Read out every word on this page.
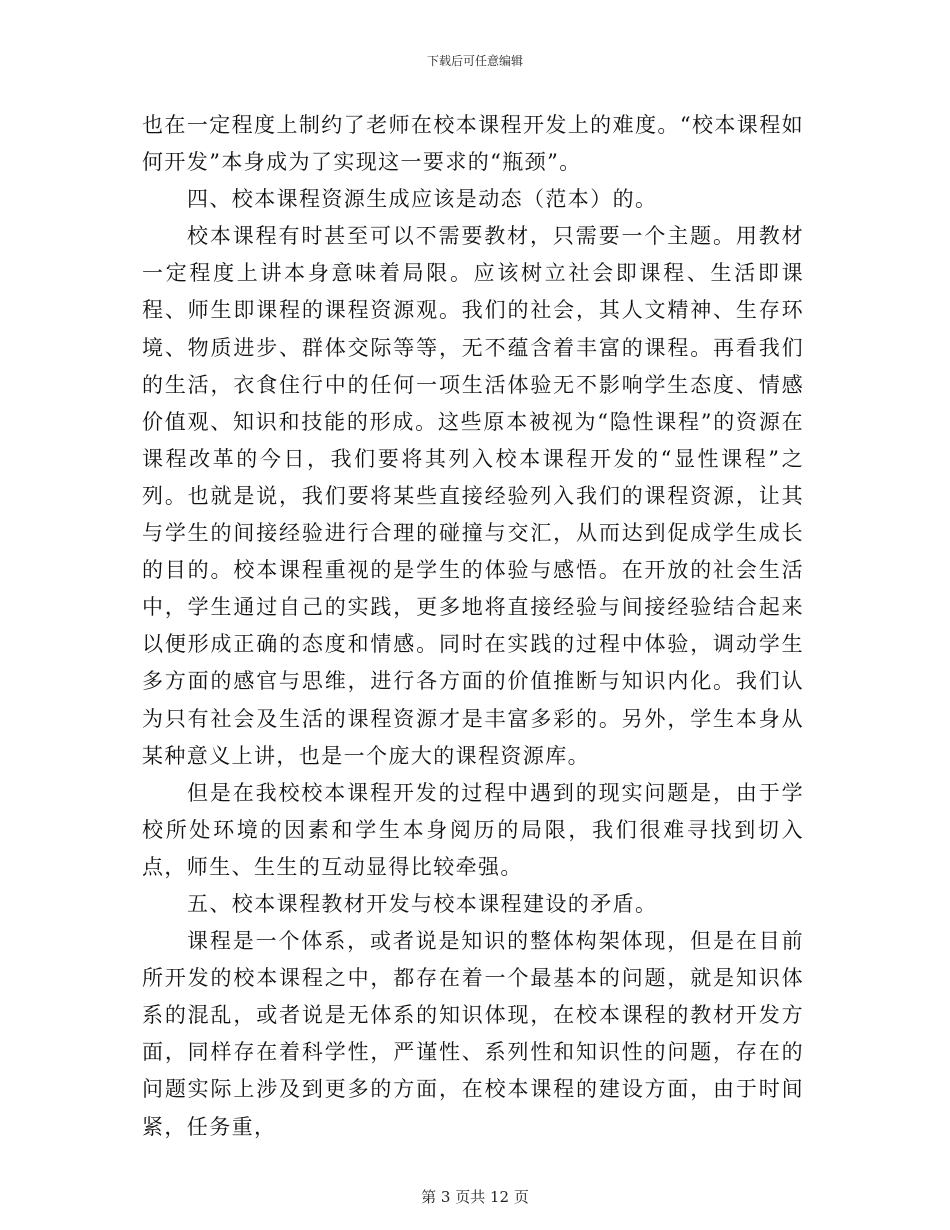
下载后可任意编辑

也在一定程度上制约了老师在校本课程开发上的难度。“校本课程如何开发”本身成为了实现这一要求的“瓶颈”。

四、校本课程资源生成应该是动态（范本）的。

校本课程有时甚至可以不需要教材，只需要一个主题。用教材一定程度上讲本身意味着局限。应该树立社会即课程、生活即课程、师生即课程的课程资源观。我们的社会，其人文精神、生存环境、物质进步、群体交际等等，无不蕴含着丰富的课程。再看我们的生活，衣食住行中的任何一项生活体验无不影响学生态度、情感价值观、知识和技能的形成。这些原本被视为“隐性课程”的资源在课程改革的今日，我们要将其列入校本课程开发的“显性课程”之列。也就是说，我们要将某些直接经验列入我们的课程资源，让其与学生的间接经验进行合理的碰撞与交汇，从而达到促成学生成长的目的。校本课程重视的是学生的体验与感悟。在开放的社会生活中，学生通过自己的实践，更多地将直接经验与间接经验结合起来以便形成正确的态度和情感。同时在实践的过程中体验，调动学生多方面的感官与思维，进行各方面的价值推断与知识内化。我们认为只有社会及生活的课程资源才是丰富多彩的。另外，学生本身从某种意义上讲，也是一个庞大的课程资源库。

但是在我校校本课程开发的过程中遇到的现实问题是，由于学校所处环境的因素和学生本身阅历的局限，我们很难寻找到切入点，师生、生生的互动显得比较牵强。

五、校本课程教材开发与校本课程建设的矛盾。

课程是一个体系，或者说是知识的整体构架体现，但是在目前所开发的校本课程之中，都存在着一个最基本的问题，就是知识体系的混乱，或者说是无体系的知识体现，在校本课程的教材开发方面，同样存在着科学性，严谨性、系列性和知识性的问题，存在的问题实际上涉及到更多的方面，在校本课程的建设方面，由于时间紧，任务重，

第 3 页共 12 页
